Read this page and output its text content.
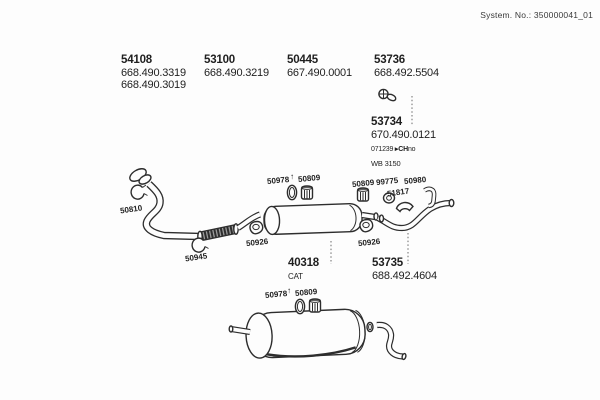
System. No.: 350000041_01
54108
668.490.3319
668.490.3019
53100
668.490.3219
50445
667.490.0001
53736
668.492.5504
53734
670.490.0121
071239 ▸CHno
WB 3150
40318
CAT
53735
688.492.4604
50810
50945
50926	50926
50978 ↑ 50809	50809 99775 50980
51817
50978 ↑ 50809
